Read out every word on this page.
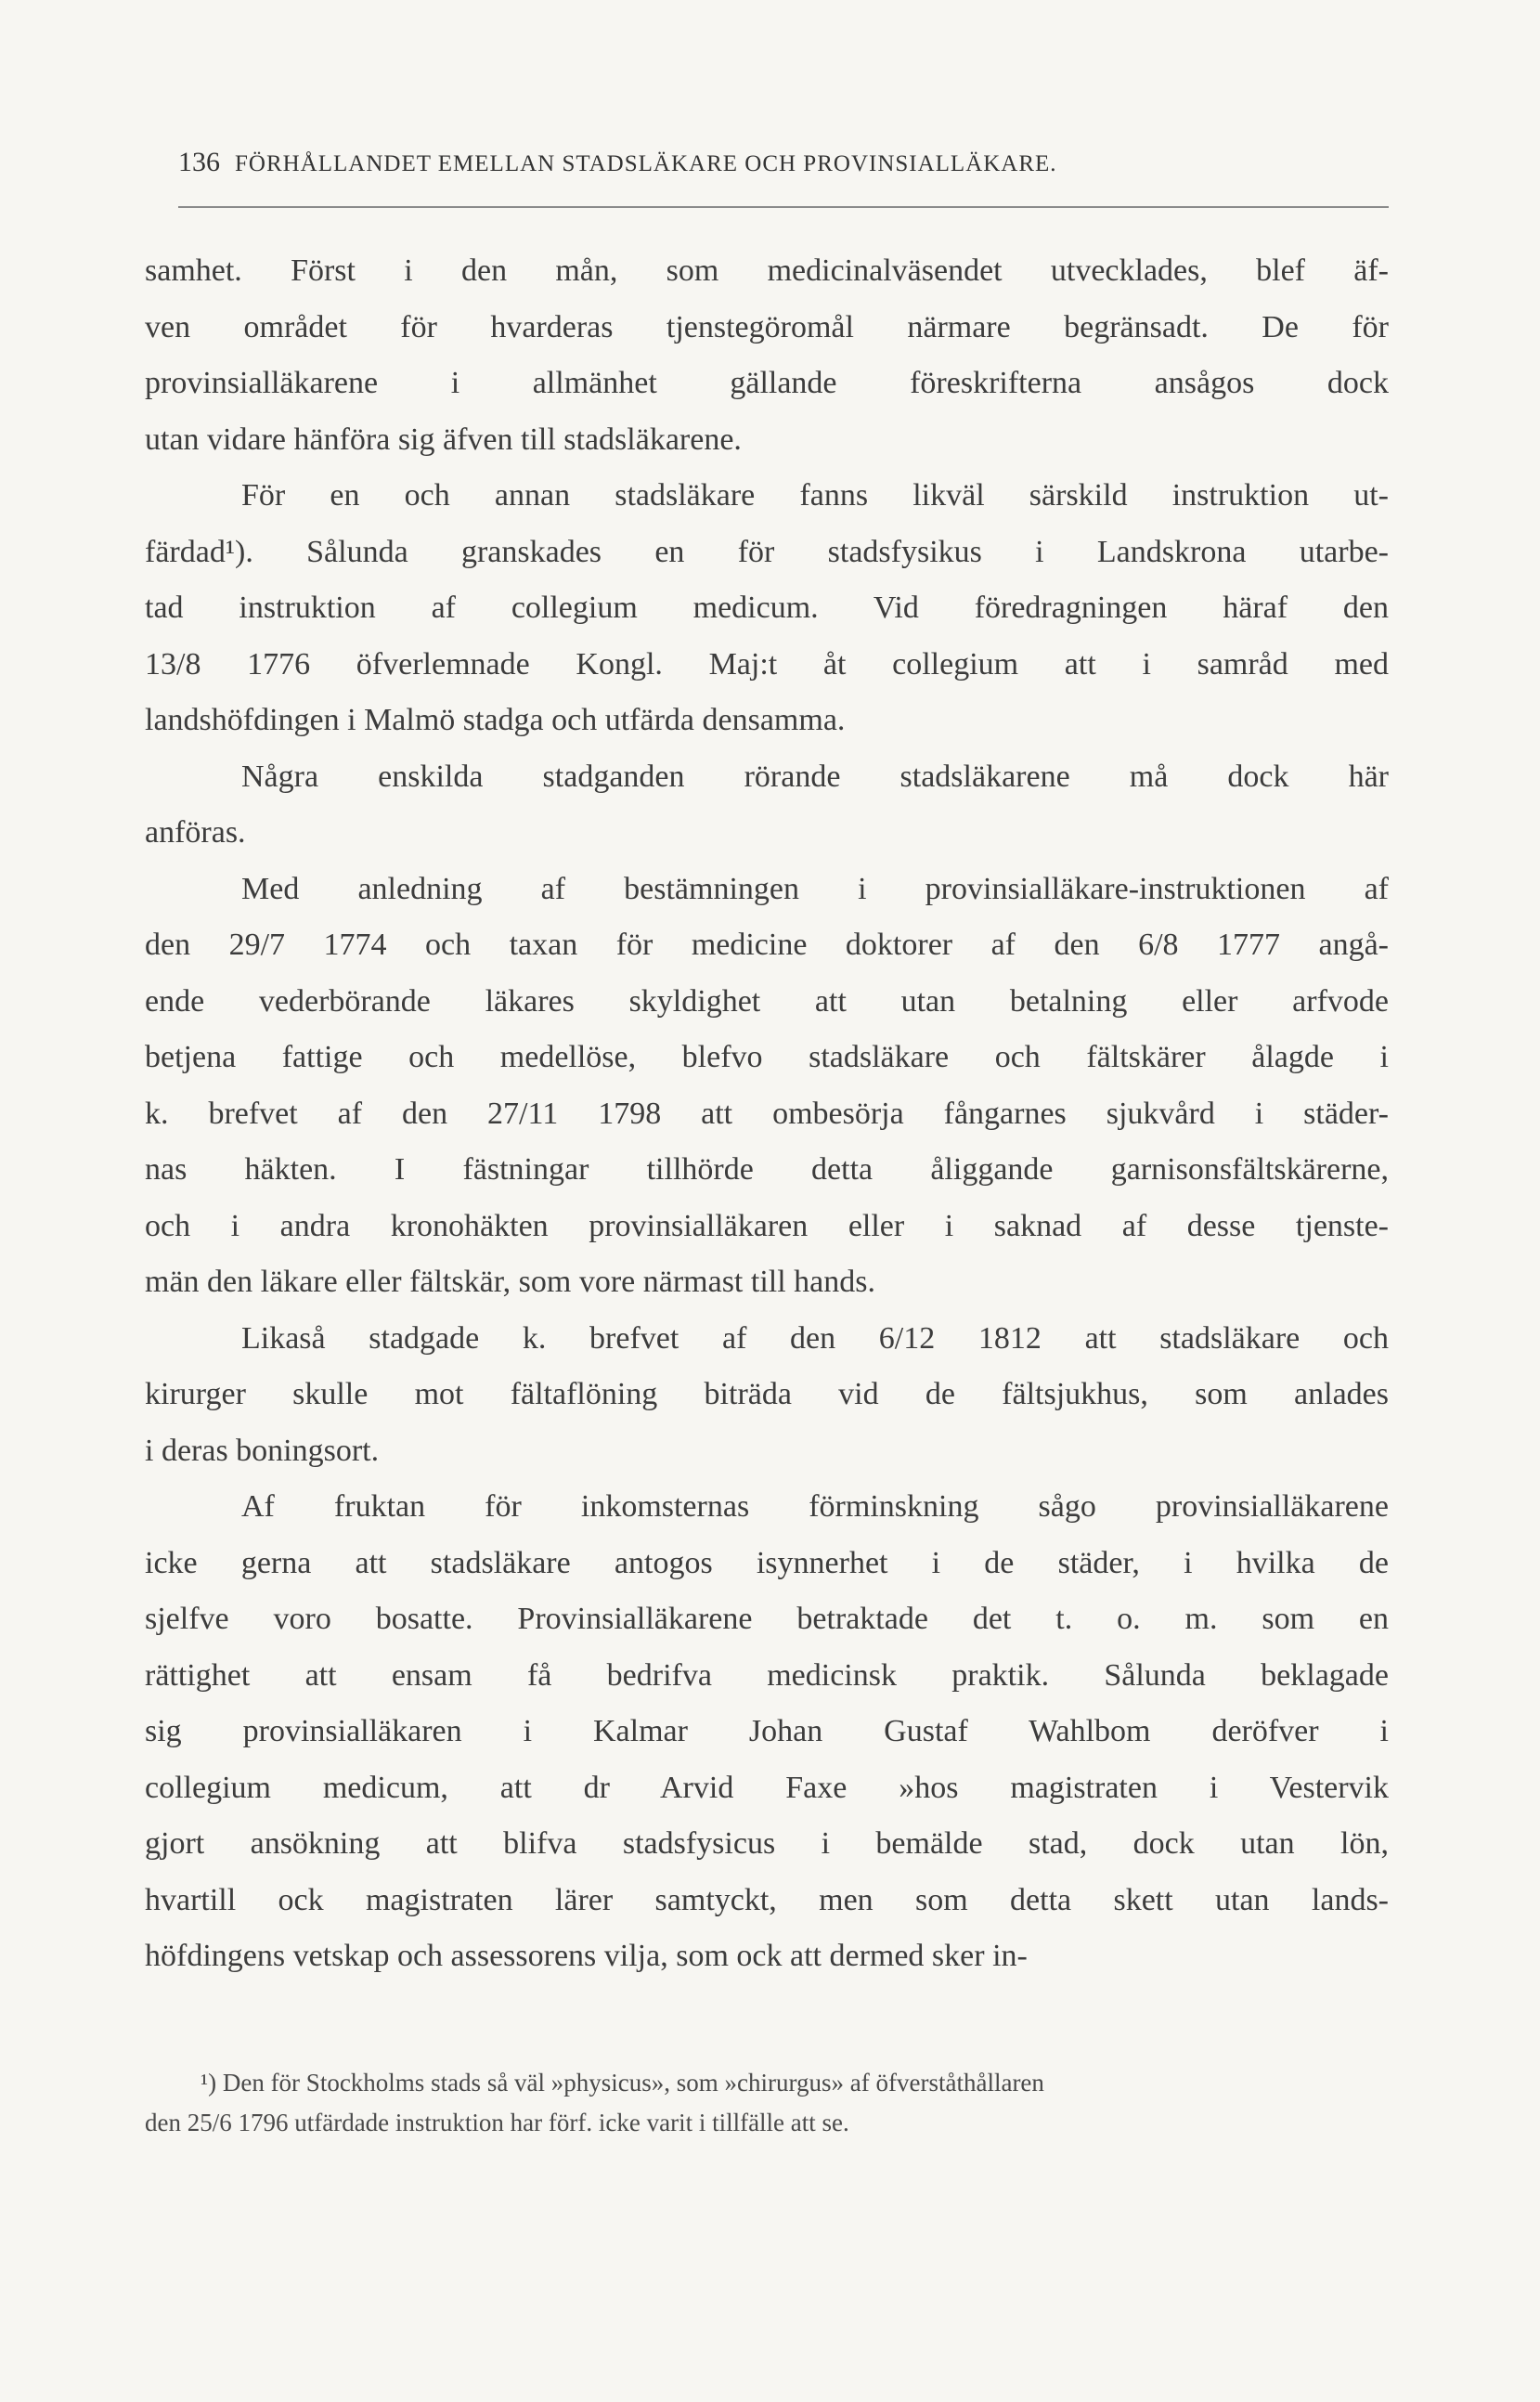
136 FÖRHÅLLANDET EMELLAN STADSLÄKARE OCH PROVINSIALLÄKARE.
samhet. Först i den mån, som medicinalväsendet utvecklades, blef äf-
ven området för hvarderas tjenstegöromål närmare begränsadt. De för
provinsialläkarene i allmänhet gällande föreskrifterna ansågos dock
utan vidare hänföra sig äfven till stadsläkarene.
För en och annan stadsläkare fanns likväl särskild instruktion ut-
färdad¹). Sålunda granskades en för stadsfysikus i Landskrona utarbe-
tad instruktion af collegium medicum. Vid föredragningen häraf den
13/8 1776 öfverlemnade Kongl. Maj:t åt collegium att i samråd med
landshöfdingen i Malmö stadga och utfärda densamma.
Några enskilda stadganden rörande stadsläkarene må dock här
anföras.
Med anledning af bestämningen i provinsialläkare-instruktionen af
den 29/7 1774 och taxan för medicine doktorer af den 6/8 1777 angå-
ende vederbörande läkares skyldighet att utan betalning eller arfvode
betjena fattige och medellöse, blefvo stadsläkare och fältskärer ålagde i
k. brefvet af den 27/11 1798 att ombesörja fångarnes sjukvård i städer-
nas häkten. I fästningar tillhörde detta åliggande garnisonsfältskärerne,
och i andra kronohäkten provinsialläkaren eller i saknad af desse tjenste-
män den läkare eller fältskär, som vore närmast till hands.
Likaså stadgade k. brefvet af den 6/12 1812 att stadsläkare och
kirurger skulle mot fältaflöning biträda vid de fältsjukhus, som anlades
i deras boningsort.
Af fruktan för inkomsternas förminskning sågo provinsialläkarene
icke gerna att stadsläkare antogos isynnerhet i de städer, i hvilka de
sjelfve voro bosatte. Provinsialläkarene betraktade det t. o. m. som en
rättighet att ensam få bedrifva medicinsk praktik. Sålunda beklagade
sig provinsialläkaren i Kalmar Johan Gustaf Wahlbom deröfver i
collegium medicum, att dr Arvid Faxe »hos magistraten i Vestervik
gjort ansökning att blifva stadsfysicus i bemälde stad, dock utan lön,
hvartill ock magistraten lärer samtyckt, men som detta skett utan lands-
höfdingens vetskap och assessorens vilja, som ock att dermed sker in-
¹) Den för Stockholms stads så väl »physicus», som »chirurgus» af öfverståthållaren
den 25/6 1796 utfärdade instruktion har förf. icke varit i tillfälle att se.
